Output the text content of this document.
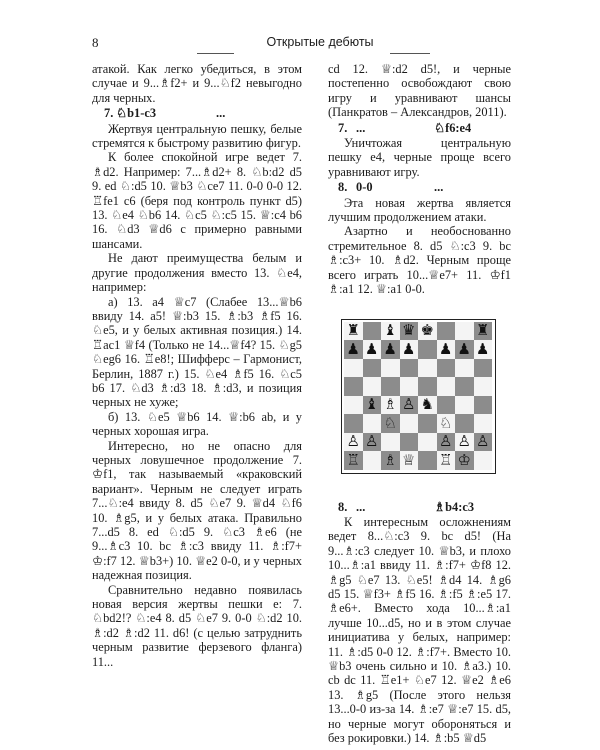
8	Открытые дебюты

атакой. Как легко убедиться, в этом случае и 9...♗f2+ и 9...♘f2 невыгодно для черных.

7. ♘b1-c3	...

Жертвуя центральную пешку, белые стремятся к быстрому развитию фигур.

К более спокойной игре ведет 7. ♗d2. Например: 7...♗d2+ 8. ♘b:d2 d5 9. ed ♘:d5 10. ♕b3 ♘ce7 11. 0-0 0-0 12. ♖fe1 c6 (беря под контроль пункт d5) 13. ♘e4 ♘b6 14. ♘c5 ♘:c5 15. ♕:c4 b6 16. ♘d3 ♕d6 с примерно равными шансами.

Не дают преимущества белым и другие продолжения вместо 13. ♘e4, например:

а) 13. a4 ♕c7 (Слабее 13...♕b6 ввиду 14. a5! ♕:b3 15. ♗:b3 ♗f5 16. ♘e5, и у белых активная позиция.) 14. ♖ac1 ♕f4 (Только не 14...♕f4? 15. ♘g5 ♘eg6 16. ♖e8!; Шифферс – Гармонист, Берлин, 1887 г.) 15. ♘e4 ♗f5 16. ♘c5 b6 17. ♘d3 ♗:d3 18. ♗:d3, и позиция черных не хуже;

б) 13. ♘e5 ♕b6 14. ♕:b6 ab, и у черных хорошая игра.

Интересно, но не опасно для черных ловушечное продолжение 7. ♔f1, так называемый «краковский вариант». Черным не следует играть 7...♘:e4 ввиду 8. d5 ♘e7 9. ♕d4 ♘f6 10. ♗g5, и у белых атака. Правильно 7...d5 8. ed ♘:d5 9. ♘c3 ♗e6 (не 9...♗c3 10. bc ♗:c3 ввиду 11. ♗:f7+ ♔:f7 12. ♕b3+) 10. ♕e2 0-0, и у черных надежная позиция.

Сравнительно недавно появилась новая версия жертвы пешки e: 7. ♘bd2!? ♘:e4 8. d5 ♘e7 9. 0-0 ♘:d2 10. ♗:d2 ♗:d2 11. d6! (с целью затруднить черным развитие ферзевого фланга) 11...

cd 12. ♕:d2 d5!, и черные постепенно освобождают свою игру и уравнивают шансы (Панкратов – Александров, 2011).

7. ...	♘f6:e4

Уничтожая центральную пешку e4, черные проще всего уравнивают игру.

8. 0-0	...

Эта новая жертва является лучшим продолжением атаки.

Азартно и необоснованно стремительное 8. d5 ♘:c3 9. bc ♗:c3+ 10. ♗d2. Черным проще всего играть 10...♕e7+ 11. ♔f1 ♗:a1 12. ♕:a1 0-0.

♜ ♝ ♛ ♚	♜
♟ ♟ ♟ ♟ ♟ ♟ ♟
♝ ♗ ♙ ♞
♘	♘
♙ ♙	♙ ♙ ♙
♖ ♗ ♕ ♖ ♔
8. ...	♗b4:c3

К интересным осложнениям ведет 8...♘:c3 9. bc d5! (На 9...♗:c3 следует 10. ♕b3, и плохо 10...♗:a1 ввиду 11. ♗:f7+ ♔f8 12. ♗g5 ♘e7 13. ♘e5! ♗d4 14. ♗g6 d5 15. ♕f3+ ♗f5 16. ♗:f5 ♗:e5 17. ♗e6+. Вместо хода 10...♗:a1 лучше 10...d5, но и в этом случае инициатива у белых, например: 11. ♗:d5 0-0 12. ♗:f7+. Вместо 10. ♕b3 очень сильно и 10. ♗a3.) 10. cb dc 11. ♖e1+ ♘e7 12. ♕e2 ♗e6 13. ♗g5 (После этого нельзя 13...0-0 из-за 14. ♗:e7 ♕:e7 15. d5, но черные могут обороняться и без рокировки.) 14. ♗:b5 ♕d5
